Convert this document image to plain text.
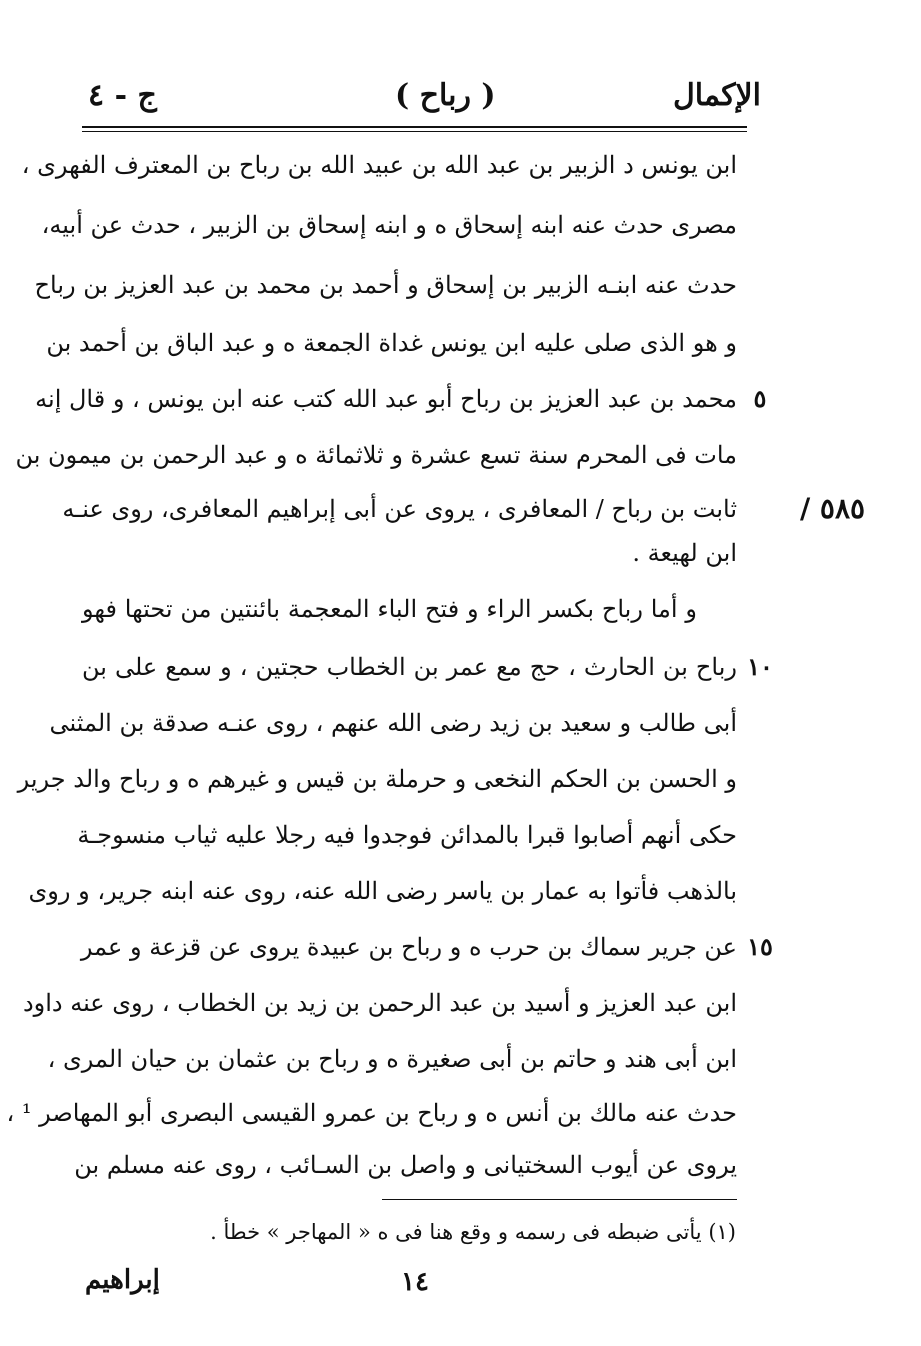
الإكمال
( رباح )
ج - ٤
ابن يونس د الزبير بن عبد الله بن عبيد الله بن رباح بن المعترف الفهرى ،
مصرى حدث عنه ابنه إسحاق ه و ابنه إسحاق بن الزبير ، حدث عن أبيه،
حدث عنه ابنـه الزبير بن إسحاق و أحمد بن محمد بن عبد العزيز بن رباح
و هو الذى صلى عليه ابن يونس غداة الجمعة ه و عبد الباق بن أحمد بن
محمد بن عبد العزيز بن رباح أبو عبد الله كتب عنه ابن يونس ، و قال إنه ٥
مات فى المحرم سنة تسع عشرة و ثلاثمائة ه و عبد الرحمن بن ميمون بن
ثابت بن رباح / المعافرى ، يروى عن أبى إبراهيم المعافرى، روى عنـه	٥٨٥ /
ابن لهيعة .
و أما رباح بكسر الراء و فتح الباء المعجمة بائنتين من تحتها فهو
رباح بن الحارث ، حج مع عمر بن الخطاب حجتين ، و سمع على بن ١٠
أبى طالب و سعيد بن زيد رضى الله عنهم ، روى عنـه صدقة بن المثنى
و الحسن بن الحكم النخعى و حرملة بن قيس و غيرهم ه و رباح والد جرير
حكى أنهم أصابوا قبرا بالمدائن فوجدوا فيه رجلا عليه ثياب منسوجـة
بالذهب فأتوا به عمار بن ياسر رضى الله عنه، روى عنه ابنه جرير، و روى
عن جرير سماك بن حرب ه و رباح بن عبيدة يروى عن قزعة و عمر ١٥
ابن عبد العزيز و أسيد بن عبد الرحمن بن زيد بن الخطاب ، روى عنه داود
ابن أبى هند و حاتم بن أبى صغيرة ه و رباح بن عثمان بن حيان المرى ،
حدث عنه مالك بن أنس ه و رباح بن عمرو القيسى البصرى أبو المهاصر ¹ ،
يروى عن أيوب السختيانى و واصل بن السـائب ، روى عنه مسلم بن
(١) يأتى ضبطه فى رسمه و وقع هنا فى ه « المهاجر » خطأ .
١٤
إبراهيم
